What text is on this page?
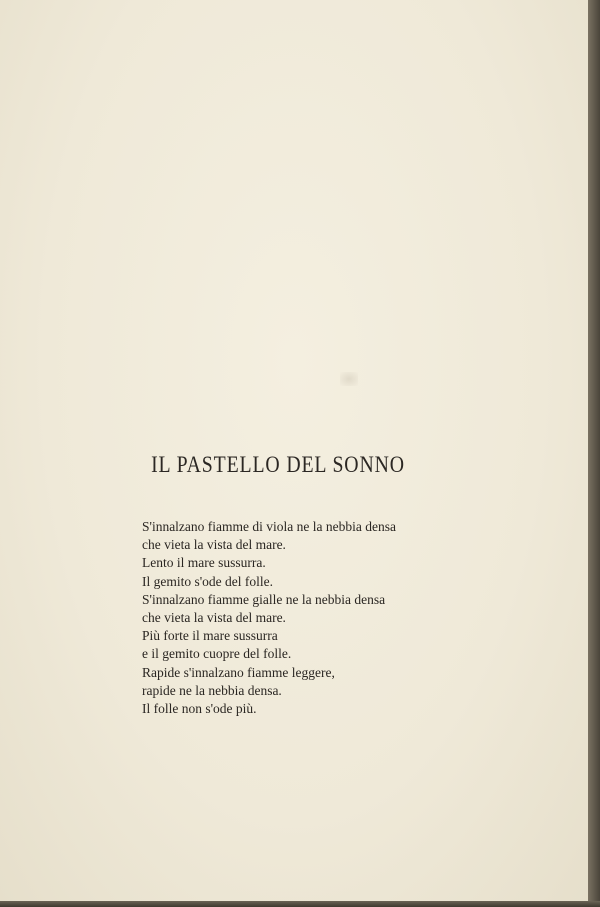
IL PASTELLO DEL SONNO
S'innalzano fiamme di viola ne la nebbia densa
che vieta la vista del mare.
Lento il mare sussurra.
Il gemito s'ode del folle.
S'innalzano fiamme gialle ne la nebbia densa
che vieta la vista del mare.
Più forte il mare sussurra
e il gemito cuopre del folle.
Rapide s'innalzano fiamme leggere,
rapide ne la nebbia densa.
Il folle non s'ode più.
